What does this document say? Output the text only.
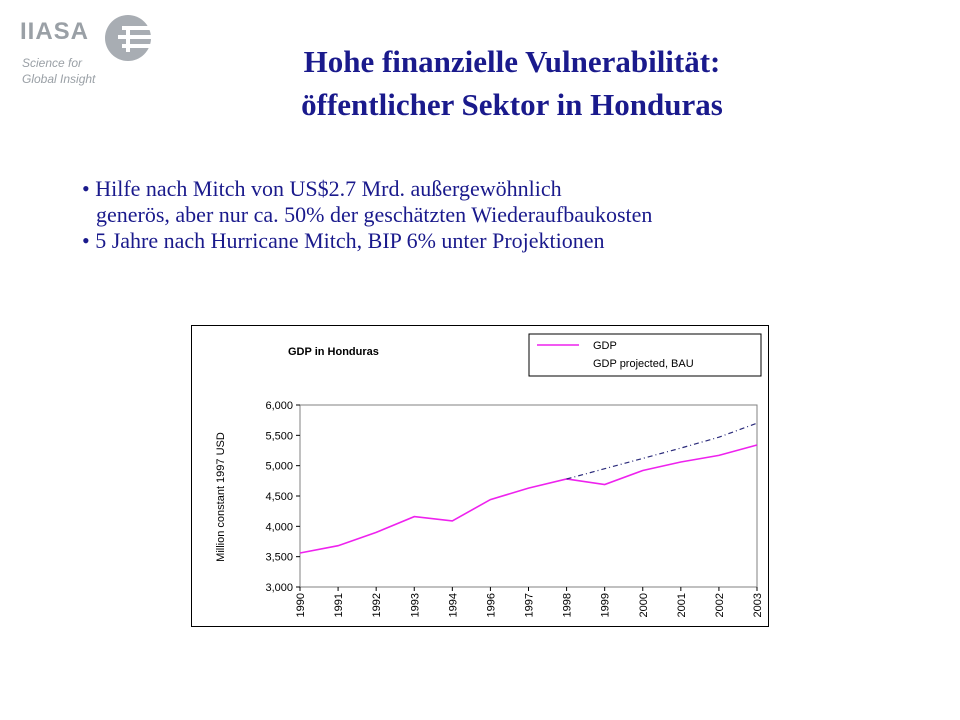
IIASA
Science for
Global Insight	Hohe finanzielle Vulnerabilität:
öffentlicher Sektor in Honduras
• Hilfe nach Mitch von US$2.7 Mrd. außergewöhnlich
generös, aber nur ca. 50% der geschätzten Wiederaufbaukosten
• 5 Jahre nach Hurricane Mitch, BIP 6% unter Projektionen
GDP in Honduras	GDP
GDP projected, BAU
Million constant 1997 USD
3,000
3,500
4,000
4,500
5,000
5,500
6,000
1990 1991 1992 1993 1994 1996 1997 1998 1999 2000 2001 2002 2003
